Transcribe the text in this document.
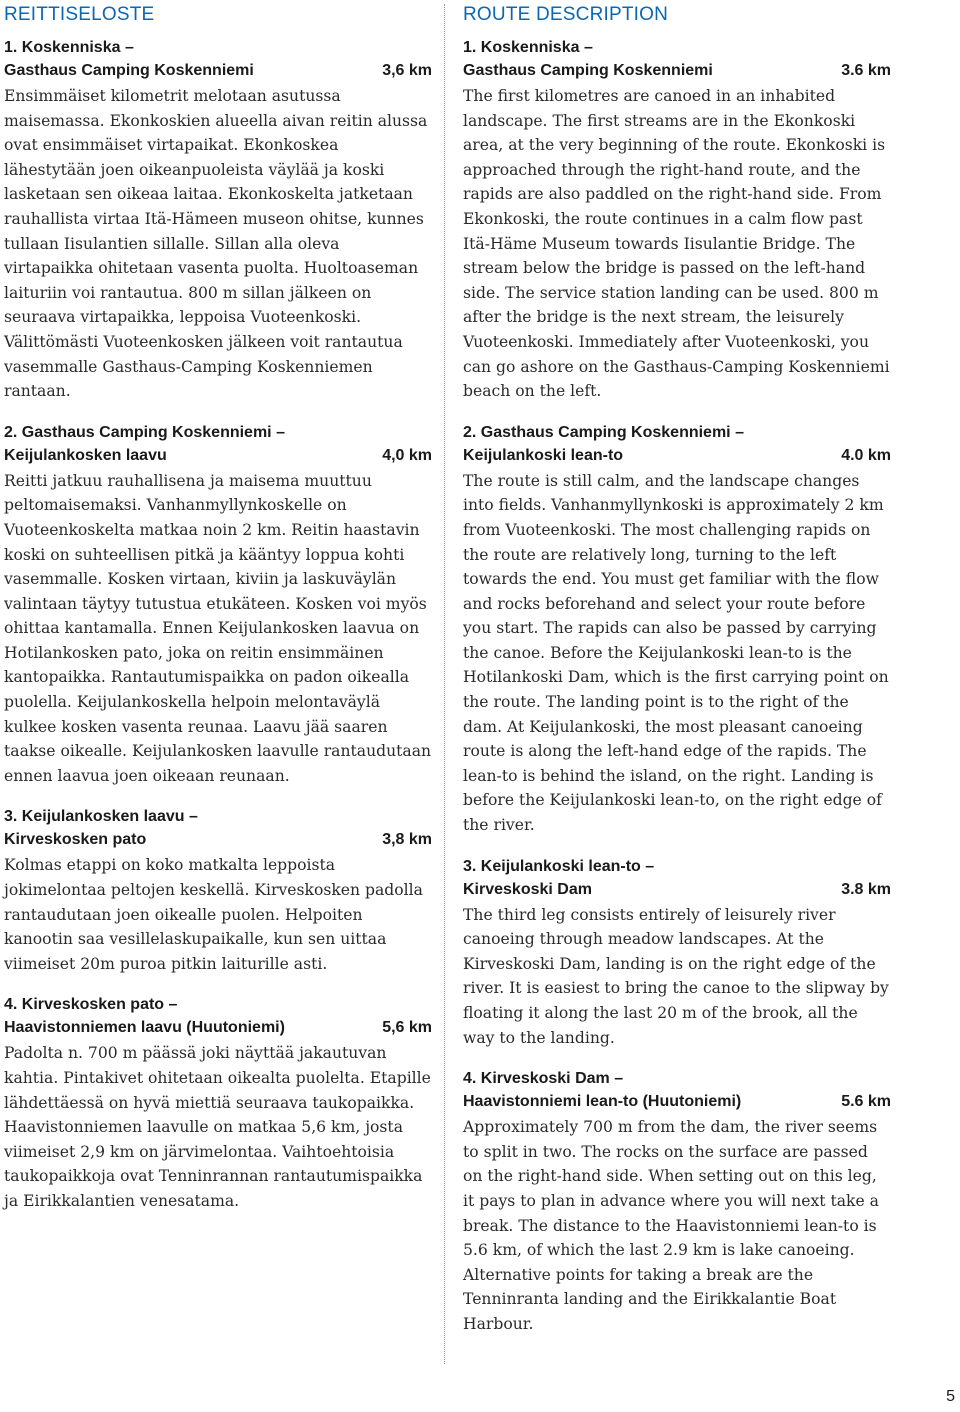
REITTISELOSTE
1. Koskenniska –
Gasthaus Camping Koskenniemi	3,6 km

Ensimmäiset kilometrit melotaan asutussa maisemassa. Ekonkoskien alueella aivan reitin alussa ovat ensimmäiset virtapaikat. Ekonkoskea lähestytään joen oikeanpuoleista väylää ja koski lasketaan sen oikeaa laitaa. Ekonkoskelta jatketaan rauhallista virtaa Itä-Hämeen museon ohitse, kunnes tullaan Iisulantien sillalle. Sillan alla oleva virtapaikka ohitetaan vasenta puolta. Huoltoaseman laituriin voi rantautua. 800 m sillan jälkeen on seuraava virtapaikka, leppoisa Vuoteenkoski. Välittömästi Vuoteenkosken jälkeen voit rantautua vasemmalle Gasthaus-Camping Koskenniemen rantaan.

2. Gasthaus Camping Koskenniemi –
Keijulankosken laavu	4,0 km

Reitti jatkuu rauhallisena ja maisema muuttuu peltomaisemaksi. Vanhanmyllynkoskelle on Vuoteenkoskelta matkaa noin 2 km. Reitin haastavin koski on suhteellisen pitkä ja kääntyy loppua kohti vasemmalle. Kosken virtaan, kiviin ja laskuväylän valintaan täytyy tutustua etukäteen. Kosken voi myös ohittaa kantamalla. Ennen Keijulankosken laavua on Hotilankosken pato, joka on reitin ensimmäinen kantopaikka. Rantautumispaikka on padon oikealla puolella. Keijulankoskella helpoin melontaväylä kulkee kosken vasenta reunaa. Laavu jää saaren taakse oikealle. Keijulankosken laavulle rantaudutaan ennen laavua joen oikeaan reunaan.

3. Keijulankosken laavu –
Kirveskosken pato	3,8 km

Kolmas etappi on koko matkalta leppoista jokimelontaa peltojen keskellä. Kirveskosken padolla rantaudutaan joen oikealle puolen. Helpoiten kanootin saa vesillelaskupaikalle, kun sen uittaa viimeiset 20m puroa pitkin laiturille asti.

4. Kirveskosken pato –
Haavistonniemen laavu (Huutoniemi)	5,6 km

Padolta n. 700 m päässä joki näyttää jakautuvan kahtia. Pintakivet ohitetaan oikealta puolelta. Etapille lähdettäessä on hyvä miettiä seuraava taukopaikka. Haavistonniemen laavulle on matkaa 5,6 km, josta viimeiset 2,9 km on järvimelontaa. Vaihtoehtoisia taukopaikkoja ovat Tenninrannan rantautumispaikka ja Eirikkalantien venesatama.

ROUTE DESCRIPTION
1. Koskenniska –
Gasthaus Camping Koskenniemi	3.6 km

The first kilometres are canoed in an inhabited landscape. The first streams are in the Ekonkoski area, at the very beginning of the route. Ekonkoski is approached through the right-hand route, and the rapids are also paddled on the right-hand side. From Ekonkoski, the route continues in a calm flow past Itä-Häme Museum towards Iisulantie Bridge. The stream below the bridge is passed on the left-hand side. The service station landing can be used. 800 m after the bridge is the next stream, the leisurely Vuoteenkoski. Immediately after Vuoteenkoski, you can go ashore on the Gasthaus-Camping Koskenniemi beach on the left.

2. Gasthaus Camping Koskenniemi –
Keijulankoski lean-to	4.0 km

The route is still calm, and the landscape changes into fields. Vanhanmyllynkoski is approximately 2 km from Vuoteenkoski. The most challenging rapids on the route are relatively long, turning to the left towards the end. You must get familiar with the flow and rocks beforehand and select your route before you start. The rapids can also be passed by carrying the canoe. Before the Keijulankoski lean-to is the Hotilankoski Dam, which is the first carrying point on the route. The landing point is to the right of the dam. At Keijulankoski, the most pleasant canoeing route is along the left-hand edge of the rapids. The lean-to is behind the island, on the right. Landing is before the Keijulankoski lean-to, on the right edge of the river.

3. Keijulankoski lean-to –
Kirveskoski Dam	3.8 km

The third leg consists entirely of leisurely river canoeing through meadow landscapes. At the Kirveskoski Dam, landing is on the right edge of the river. It is easiest to bring the canoe to the slipway by floating it along the last 20 m of the brook, all the way to the landing.

4. Kirveskoski Dam –
Haavistonniemi lean-to (Huutoniemi)	5.6 km

Approximately 700 m from the dam, the river seems to split in two. The rocks on the surface are passed on the right-hand side. When setting out on this leg, it pays to plan in advance where you will next take a break. The distance to the Haavistonniemi lean-to is 5.6 km, of which the last 2.9 km is lake canoeing. Alternative points for taking a break are the Tenninranta landing and the Eirikkalantie Boat Harbour.

5
